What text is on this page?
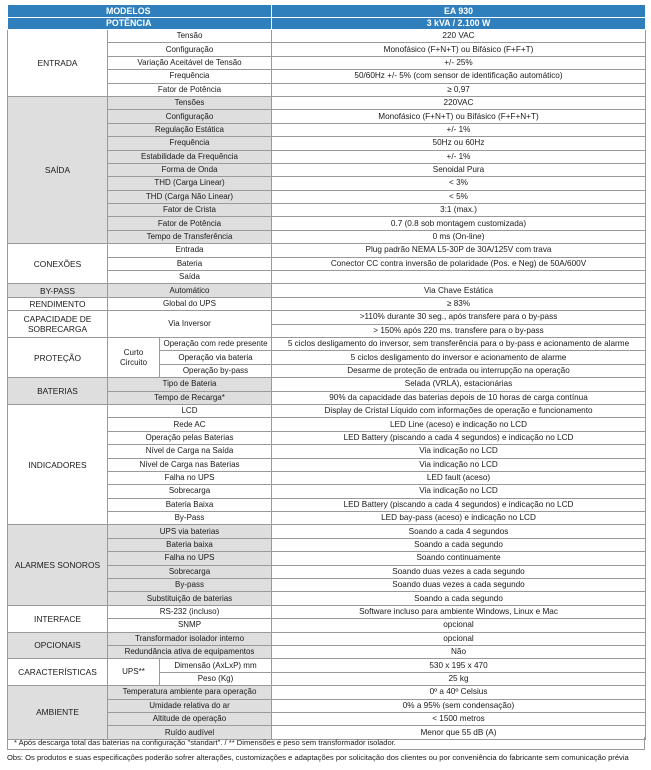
MODELOS			EA 930
POTÊNCIA			3 kVA / 2.100 W
ENTRADA	Tensão		220 VAC
	Configuração		Monofásico (F+N+T) ou Bifásico (F+F+T)
	Variação Aceitável de Tensão		+/- 25%
	Frequência		50/60Hz +/- 5% (com sensor de identificação automático)
	Fator de Potência		≥ 0,97
SAÍDA	Tensões		220VAC
	Configuração		Monofásico (F+N+T) ou Bifásico (F+F+N+T)
	Regulação Estática		+/- 1%
	Frequência		50Hz ou 60Hz
	Estabilidade da Frequência		+/- 1%
	Forma de Onda		Senoidal Pura
	THD (Carga Linear)		< 3%
	THD (Carga Não Linear)		< 5%
	Fator de Crista		3:1 (max.)
	Fator de Potência		0.7 (0.8 sob montagem customizada)
	Tempo de Transferência		0 ms (On-line)
CONEXÕES	Entrada		Plug padrão NEMA L5-30P de 30A/125V com trava
	Bateria		Conector CC contra inversão de polaridade (Pos. e Neg) de 50A/600V
	Saída		
BY-PASS	Automático		Via Chave Estática
RENDIMENTO	Global do UPS		≥ 83%
CAPACIDADE DE SOBRECARGA	Via Inversor		>110% durante 30 seg., após transfere para o by-pass
			> 150% após 220 ms. transfere para o by-pass
PROTEÇÃO	Curto Circuito	Operação com rede presente	5 ciclos desligamento do inversor, sem transferência para o by-pass e acionamento de alarme
		Operação via bateria	5 ciclos desligamento do inversor e acionamento de alarme
		Operação by-pass	Desarme de proteção de entrada ou interrupção na operação
BATERIAS	Tipo de Bateria		Selada (VRLA), estacionárias
	Tempo de Recarga*		90% da capacidade das baterias depois de 10 horas de carga contínua
INDICADORES	LCD		Display de Cristal Líquido com informações de operação e funcionamento
	Rede AC		LED Line (aceso) e indicação no LCD
	Operação pelas Baterias		LED Battery (piscando a cada 4 segundos) e indicação no LCD
	Nível de Carga na Saída		Via indicação no LCD
	Nível de Carga nas Baterias		Via indicação no LCD
	Falha no UPS		LED fault (aceso)
	Sobrecarga		Via indicação no LCD
	Bateria Baixa		LED Battery (piscando a cada 4 segundos) e indicação no LCD
	By-Pass		LED bay-pass (aceso) e indicação no LCD
ALARMES SONOROS	UPS via baterias		Soando a cada 4 segundos
	Bateria baixa		Soando a cada segundo
	Falha no UPS		Soando continuamente
	Sobrecarga		Soando duas vezes a cada segundo
	By-pass		Soando duas vezes a cada segundo
	Substituição de baterias		Soando a cada segundo
INTERFACE	RS-232 (incluso)		Software incluso para ambiente Windows, Linux e Mac
	SNMP		opcional
OPCIONAIS	Transformador isolador interno		opcional
	Redundância ativa de equipamentos		Não
CARACTERÍSTICAS	UPS**	Dimensão (AxLxP) mm	530 x 195 x 470
		Peso (Kg)	25 kg
AMBIENTE	Temperatura ambiente para operação		0º a 40º Celsius
	Umidade relativa do ar		0% a 95% (sem condensação)
	Altitude de operação		< 1500 metros
	Ruído audível		Menor que 55 dB (A)
* Após descarga total das baterias na configuração "standart". / ** Dimensões e peso sem transformador isolador.
Obs: Os produtos e suas especificações poderão sofrer alterações, customizações e adaptações por solicitação dos clientes ou por conveniência do fabricante sem comunicação prévia
